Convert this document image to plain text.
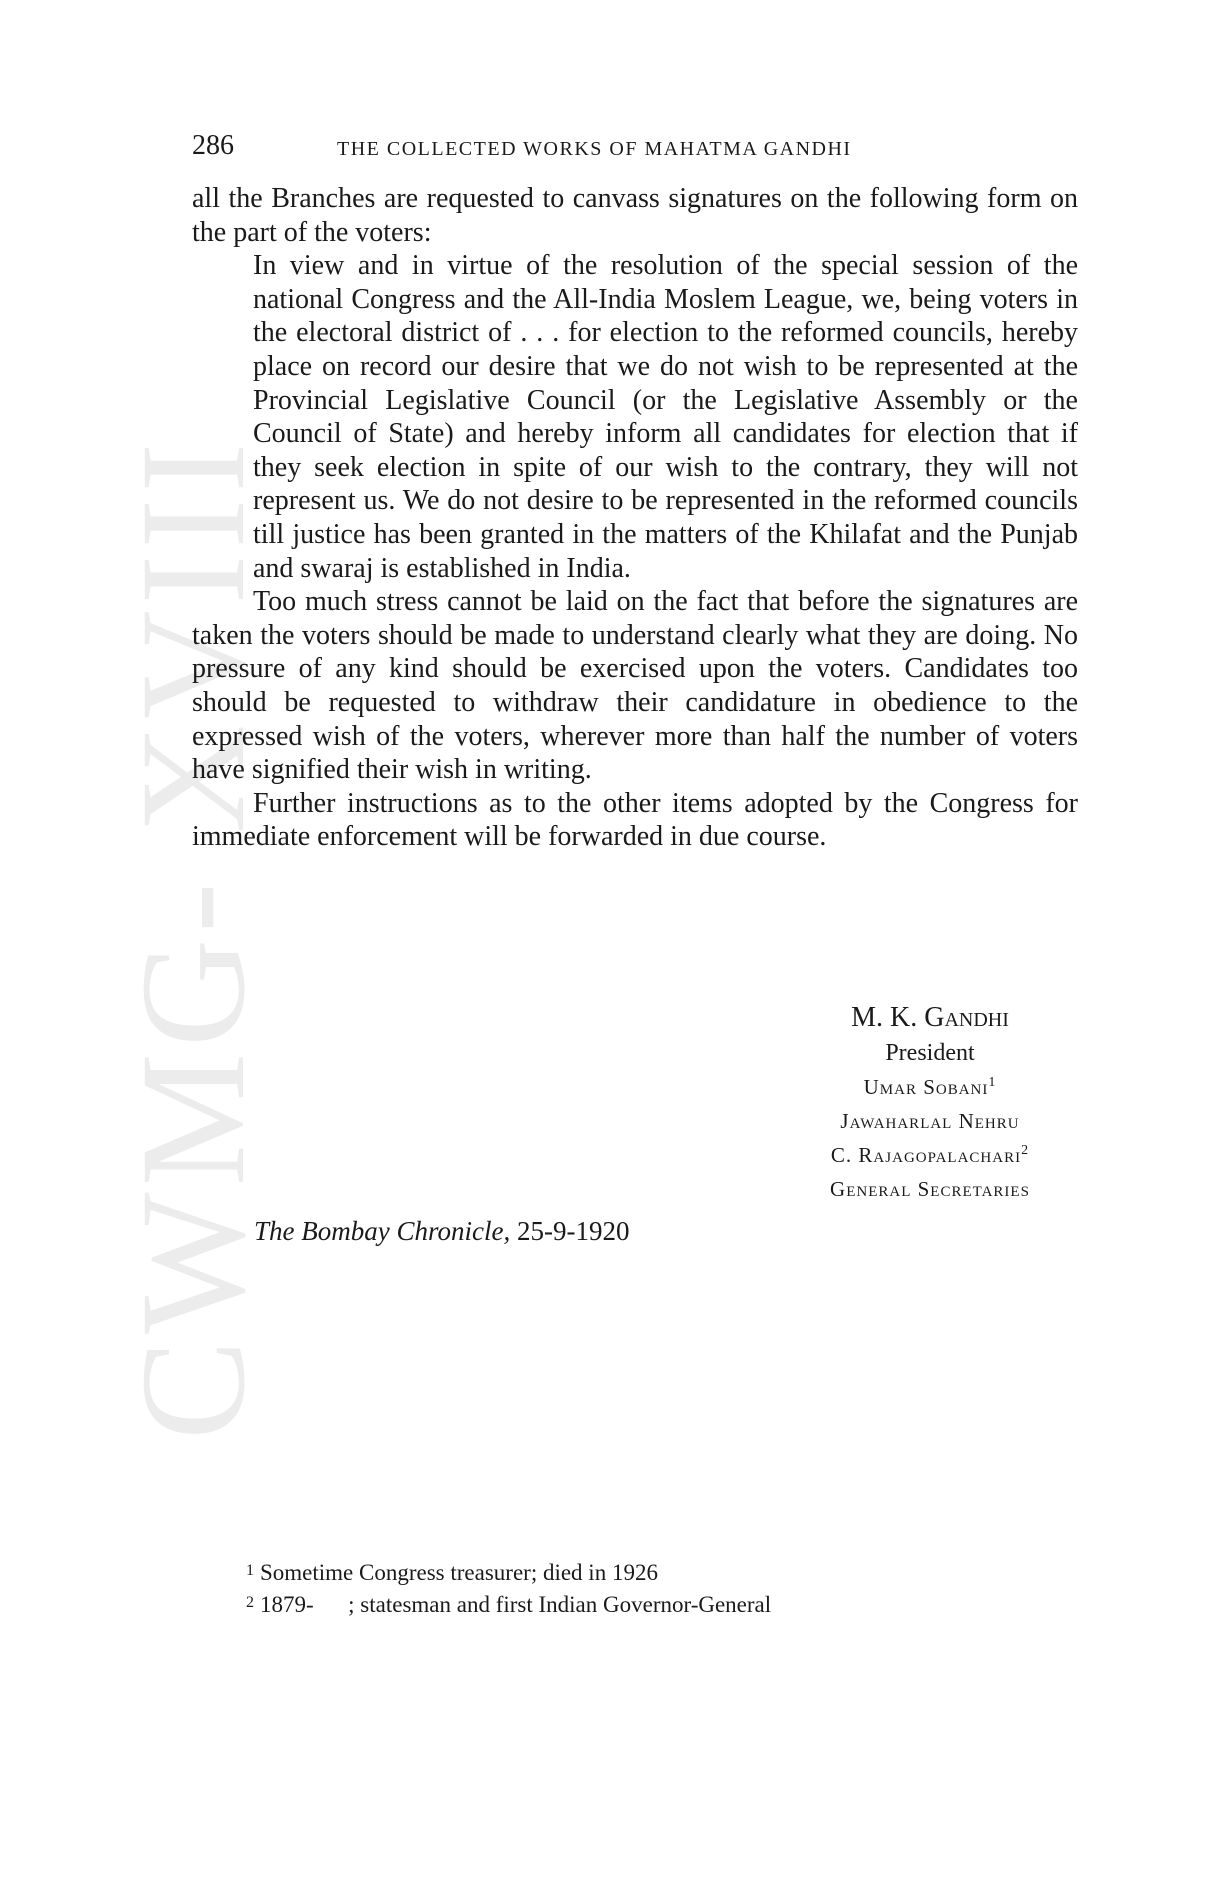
CWMG- XVIII
286	THE COLLECTED WORKS OF MAHATMA GANDHI

all the Branches are requested to canvass signatures on the following form on the part of the voters:

In view and in virtue of the resolution of the special session of the national Congress and the All-India Moslem League, we, being voters in the electoral district of . . . for election to the reformed councils, hereby place on record our desire that we do not wish to be represented at the Provincial Legislative Council (or the Legislative Assembly or the Council of State) and hereby inform all candidates for election that if they seek election in spite of our wish to the contrary, they will not represent us. We do not desire to be represented in the reformed councils till justice has been granted in the matters of the Khilafat and the Punjab and swaraj is established in India.

Too much stress cannot be laid on the fact that before the signatures are taken the voters should be made to understand clearly what they are doing. No pressure of any kind should be exercised upon the voters. Candidates too should be requested to withdraw their candidature in obedience to the expressed wish of the voters, wherever more than half the number of voters have signified their wish in writing.

Further instructions as to the other items adopted by the Congress for immediate enforcement will be forwarded in due course.

M. K. Gandhi
President
Umar Sobani$^1$
Jawaharlal Nehru
C. Rajagopalachari$^2$
General Secretaries
The Bombay Chronicle, 25-9-1920
$^1$ Sometime Congress treasurer; died in 1926
$^2$ 1879-      ; statesman and first Indian Governor-General
